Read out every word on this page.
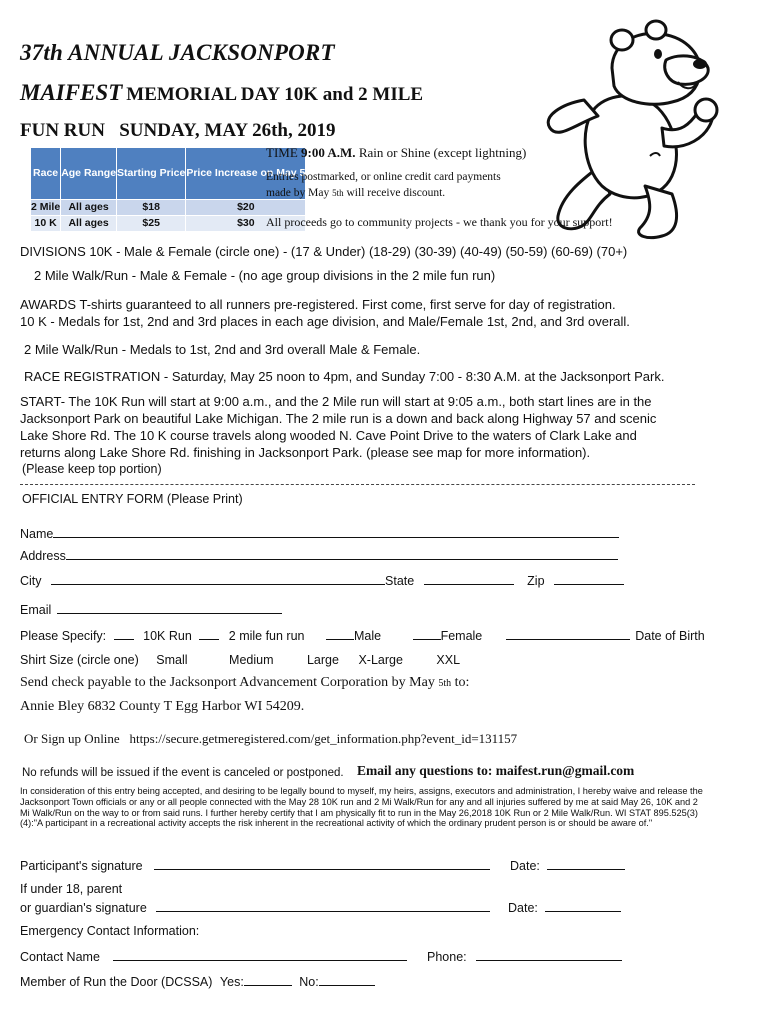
37th ANNUAL JACKSONPORT
MAIFEST MEMORIAL DAY 10K and 2 MILE
FUN RUN SUNDAY, MAY 26th, 2019
Race	Age Range	Starting Price	Price Increase on May 5
2 Mile	All ages	$18	$20
10 K	All ages	$25	$30
TIME 9:00 A.M. Rain or Shine (except lightning)
Entries postmarked, or online credit card payments
made by May 5th will receive discount.
All proceeds go to community projects - we thank you for your support!
DIVISIONS 10K - Male & Female (circle one) - (17 & Under) (18-29) (30-39) (40-49) (50-59) (60-69) (70+)
2 Mile Walk/Run - Male & Female - (no age group divisions in the 2 mile fun run)
AWARDS T-shirts guaranteed to all runners pre-registered. First come, first serve for day of registration.
10 K - Medals for 1st, 2nd and 3rd places in each age division, and Male/Female 1st, 2nd, and 3rd overall.
2 Mile Walk/Run - Medals to 1st, 2nd and 3rd overall Male & Female.
RACE REGISTRATION - Saturday, May 25 noon to 4pm, and Sunday 7:00 - 8:30 A.M. at the Jacksonport Park.
START- The 10K Run will start at 9:00 a.m., and the 2 Mile run will start at 9:05 a.m., both start lines are in the
Jacksonport Park on beautiful Lake Michigan. The 2 mile run is a down and back along Highway 57 and scenic
Lake Shore Rd. The 10 K course travels along wooded N. Cave Point Drive to the waters of Clark Lake and
returns along Lake Shore Rd. finishing in Jacksonport Park. (please see map for more information).
(Please keep top portion)
OFFICIAL ENTRY FORM (Please Print)
Name
Address
City	State	Zip
Email
Please Specify:	10K Run	2 mile fun run	Male	Female	Date of Birth
Shirt Size (circle one) Small	Medium	Large X-Large	XXL
Send check payable to the Jacksonport Advancement Corporation by May 5th to:
Annie Bley 6832 County T Egg Harbor WI 54209.
Or Sign up Online https://secure.getmeregistered.com/get_information.php?event_id=131157
No refunds will be issued if the event is canceled or postponed. Email any questions to: maifest.run@gmail.com
In consideration of this entry being accepted, and desiring to be legally bound to myself, my heirs, assigns, executors and administration, I hereby waive and release the Jacksonport Town officials or any or all people connected with the May 28 10K run and 2 Mi Walk/Run for any and all injuries suffered by me at said May 26, 10K and 2 Mi Walk/Run on the way to or from said runs. I further hereby certify that I am physically fit to run in the May 26,2018 10K Run or 2 Mile Walk/Run. WI STAT 895.525(3)(4):"A participant in a recreational activity accepts the risk inherent in the recreational activity of which the ordinary prudent person is or should be aware of."
Participant's signature	Date:
If under 18, parent
or guardian's signature	Date:
Emergency Contact Information:
Contact Name	Phone:
Member of Run the Door (DCSSA) Yes:	No:
